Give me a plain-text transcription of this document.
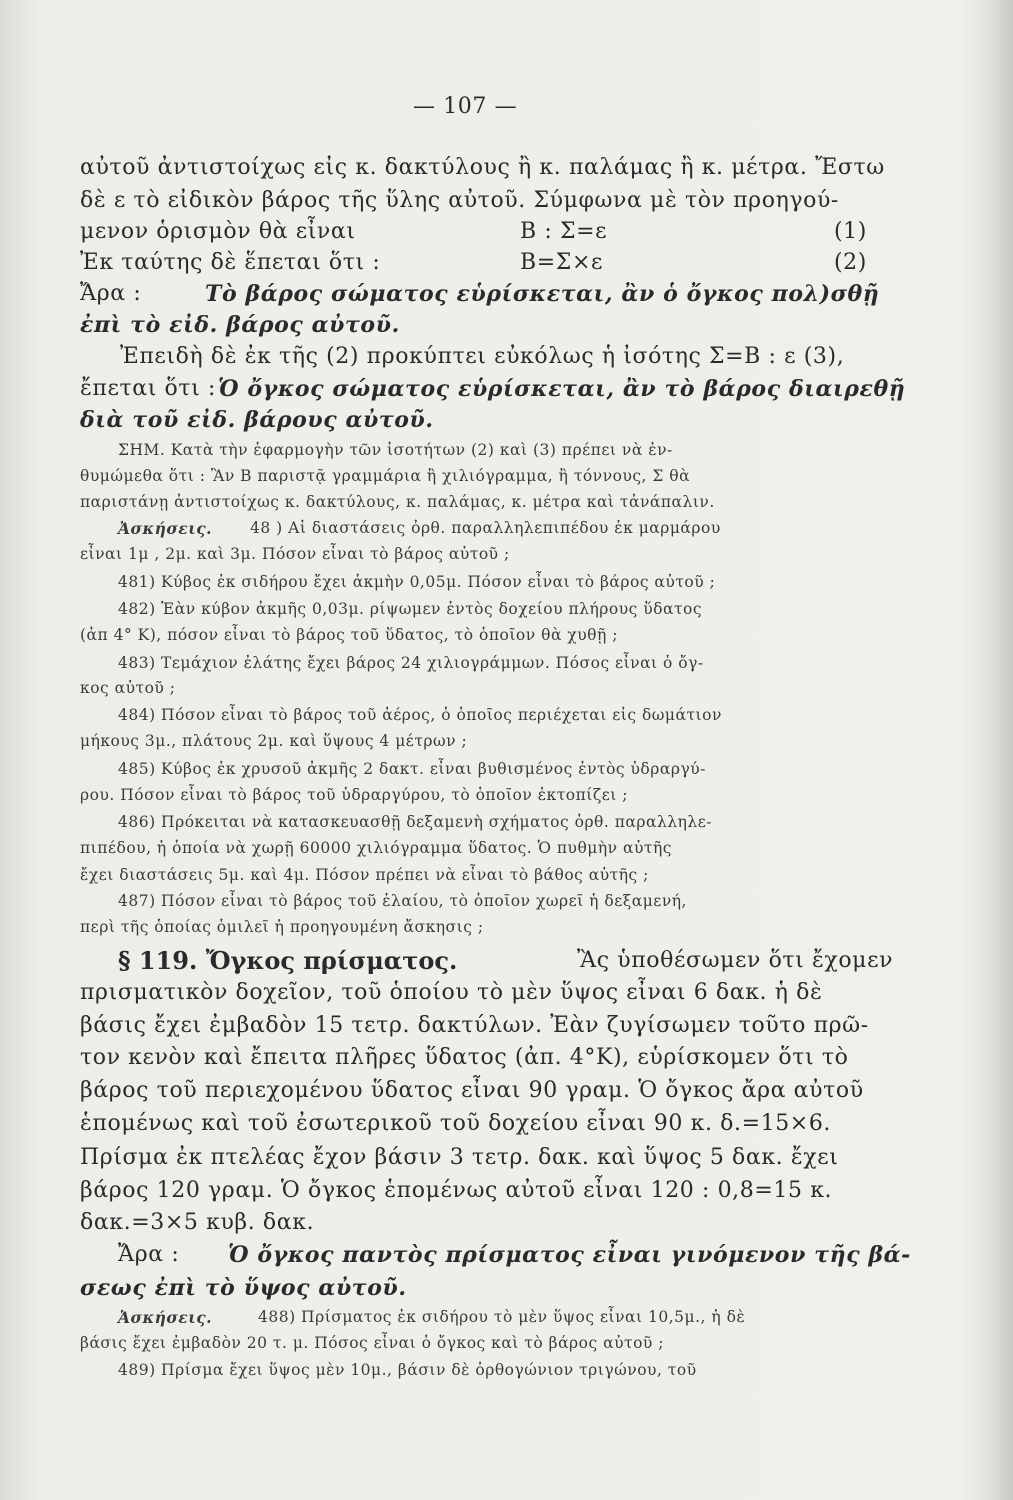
— 107 —
αὐτοῦ ἀντιστοίχως εἰς κ. δακτύλους ἢ κ. παλάμας ἢ κ. μέτρα. Ἔστω
δὲ ε τὸ εἰδικὸν βάρος τῆς ὕλης αὐτοῦ. Σύμφωνα μὲ τὸν προηγού-
μενον ὁρισμὸν θὰ εἶναι	Β : Σ=ε	(1)
Ἐκ ταύτης δὲ ἕπεται ὅτι :	Β=Σ×ε	(2)
Ἄρα :	Τὸ βάρος σώματος εὑρίσκεται, ἂν ὁ ὄγκος πολ)σθῇ
ἐπὶ τὸ εἰδ. βάρος αὐτοῦ.
Ἐπειδὴ δὲ ἐκ τῆς (2) προκύπτει εὐκόλως ἡ ἰσότης Σ=Β : ε (3),
ἔπεται ὅτι : Ὁ ὄγκος σώματος εὑρίσκεται, ἂν τὸ βάρος διαιρεθῇ
διὰ τοῦ εἰδ. βάρους αὐτοῦ.
ΣΗΜ. Κατὰ τὴν ἐφαρμογὴν τῶν ἰσοτήτων (2) καὶ (3) πρέπει νὰ ἐν-
θυμώμεθα ὅτι : Ἂν Β παριστᾷ γραμμάρια ἢ χιλιόγραμμα, ἢ τόννους, Σ θὰ
παριστάνῃ ἀντιστοίχως κ. δακτύλους, κ. παλάμας, κ. μέτρα καὶ τἀνάπαλιν.
Ἀσκήσεις. 48 ) Αἱ διαστάσεις ὀρθ. παραλληλεπιπέδου ἐκ μαρμάρου
εἶναι 1μ , 2μ. καὶ 3μ. Πόσον εἶναι τὸ βάρος αὐτοῦ ;
481) Κύβος ἐκ σιδήρου ἔχει ἀκμὴν 0,05μ. Πόσον εἶναι τὸ βάρος αὐτοῦ ;
482) Ἐὰν κύβον ἀκμῆς 0,03μ. ρίψωμεν ἐντὸς δοχείου πλήρους ὕδατος
(ἀπ 4° Κ), πόσον εἶναι τὸ βάρος τοῦ ὕδατος, τὸ ὁποῖον θὰ χυθῇ ;
483) Τεμάχιον ἐλάτης ἔχει βάρος 24 χιλιογράμμων. Πόσος εἶναι ὁ ὄγ-
κος αὐτοῦ ;
484) Πόσον εἶναι τὸ βάρος τοῦ ἀέρος, ὁ ὁποῖος περιέχεται εἰς δωμάτιον
μήκους 3μ., πλάτους 2μ. καὶ ὕψους 4 μέτρων ;
485) Κύβος ἐκ χρυσοῦ ἀκμῆς 2 δακτ. εἶναι βυθισμένος ἐντὸς ὑδραργύ-
ρου. Πόσον εἶναι τὸ βάρος τοῦ ὑδραργύρου, τὸ ὁποῖον ἐκτοπίζει ;
486) Πρόκειται νὰ κατασκευασθῇ δεξαμενὴ σχήματος ὀρθ. παραλληλε-
πιπέδου, ἡ ὁποία νὰ χωρῇ 60000 χιλιόγραμμα ὕδατος. Ὁ πυθμὴν αὐτῆς
ἔχει διαστάσεις 5μ. καὶ 4μ. Πόσον πρέπει νὰ εἶναι τὸ βάθος αὐτῆς ;
487) Πόσον εἶναι τὸ βάρος τοῦ ἐλαίου, τὸ ὁποῖον χωρεῖ ἡ δεξαμενή,
περὶ τῆς ὁποίας ὁμιλεῖ ἡ προηγουμένη ἄσκησις ;
§ 119. Ὄγκος πρίσματος.	Ἂς ὑποθέσωμεν ὅτι ἔχομεν
πρισματικὸν δοχεῖον, τοῦ ὁποίου τὸ μὲν ὕψος εἶναι 6 δακ. ἡ δὲ
βάσις ἔχει ἐμβαδὸν 15 τετρ. δακτύλων. Ἐὰν ζυγίσωμεν τοῦτο πρῶ-
τον κενὸν καὶ ἔπειτα πλῆρες ὕδατος (ἀπ. 4°Κ), εὑρίσκομεν ὅτι τὸ
βάρος τοῦ περιεχομένου ὕδατος εἶναι 90 γραμ. Ὁ ὄγκος ἄρα αὐτοῦ
ἑπομένως καὶ τοῦ ἐσωτερικοῦ τοῦ δοχείου εἶναι 90 κ. δ.=15×6.
Πρίσμα ἐκ πτελέας ἔχον βάσιν 3 τετρ. δακ. καὶ ὕψος 5 δακ. ἔχει
βάρος 120 γραμ. Ὁ ὄγκος ἑπομένως αὐτοῦ εἶναι 120 : 0,8=15 κ.
δακ.=3×5 κυβ. δακ.
Ἄρα : Ὁ ὄγκος παντὸς πρίσματος εἶναι γινόμενον τῆς βά-
σεως ἐπὶ τὸ ὕψος αὐτοῦ.
Ἀσκήσεις.	488) Πρίσματος ἐκ σιδήρου τὸ μὲν ὕψος εἶναι 10,5μ., ἡ δὲ
βάσις ἔχει ἐμβαδὸν 20 τ. μ. Πόσος εἶναι ὁ ὄγκος καὶ τὸ βάρος αὐτοῦ ;
489) Πρίσμα ἔχει ὕψος μὲν 10μ., βάσιν δὲ ὀρθογώνιον τριγώνου, τοῦ
